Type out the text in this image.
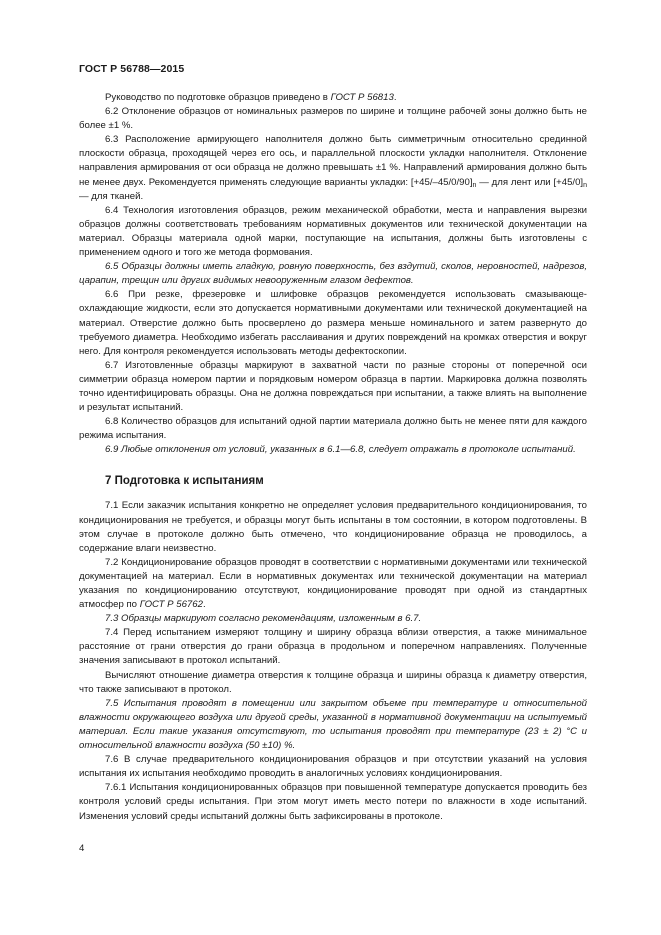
ГОСТ Р 56788—2015

Руководство по подготовке образцов приведено в ГОСТ Р 56813.

6.2 Отклонение образцов от номинальных размеров по ширине и толщине рабочей зоны должно быть не более ±1 %.

6.3 Расположение армирующего наполнителя должно быть симметричным относительно срединной плоскости образца, проходящей через его ось, и параллельной плоскости укладки наполнителя. Отклонение направления армирования от оси образца не должно превышать ±1 %. Направлений армирования должно быть не менее двух. Рекомендуется применять следующие варианты укладки: $[+45/-45/0/90]_n$ — для лент или $[+45/0]_n$ — для тканей.

6.4 Технология изготовления образцов, режим механической обработки, места и направления вырезки образцов должны соответствовать требованиям нормативных документов или технической документации на материал. Образцы материала одной марки, поступающие на испытания, должны быть изготовлены с применением одного и того же метода формования.

6.5 Образцы должны иметь гладкую, ровную поверхность, без вздутий, сколов, неровностей, надрезов, царапин, трещин или других видимых невооруженным глазом дефектов.

6.6 При резке, фрезеровке и шлифовке образцов рекомендуется использовать смазывающе-охлаждающие жидкости, если это допускается нормативными документами или технической документацией на материал. Отверстие должно быть просверлено до размера меньше номинального и затем развернуто до требуемого диаметра. Необходимо избегать расслаивания и других повреждений на кромках отверстия и вокруг него. Для контроля рекомендуется использовать методы дефектоскопии.

6.7 Изготовленные образцы маркируют в захватной части по разные стороны от поперечной оси симметрии образца номером партии и порядковым номером образца в партии. Маркировка должна позволять точно идентифицировать образцы. Она не должна повреждаться при испытании, а также влиять на выполнение и результат испытаний.

6.8 Количество образцов для испытаний одной партии материала должно быть не менее пяти для каждого режима испытания.

6.9 Любые отклонения от условий, указанных в 6.1—6.8, следует отражать в протоколе испытаний.

7 Подготовка к испытаниям

7.1 Если заказчик испытания конкретно не определяет условия предварительного кондиционирования, то кондиционирования не требуется, и образцы могут быть испытаны в том состоянии, в котором подготовлены. В этом случае в протоколе должно быть отмечено, что кондиционирование образца не проводилось, а содержание влаги неизвестно.

7.2 Кондиционирование образцов проводят в соответствии с нормативными документами или технической документацией на материал. Если в нормативных документах или технической документации на материал указания по кондиционированию отсутствуют, кондиционирование проводят при одной из стандартных атмосфер по ГОСТ Р 56762.

7.3 Образцы маркируют согласно рекомендациям, изложенным в 6.7.

7.4 Перед испытанием измеряют толщину и ширину образца вблизи отверстия, а также минимальное расстояние от грани отверстия до грани образца в продольном и поперечном направлениях. Полученные значения записывают в протокол испытаний.

Вычисляют отношение диаметра отверстия к толщине образца и ширины образца к диаметру отверстия, что также записывают в протокол.

7.5 Испытания проводят в помещении или закрытом объеме при температуре и относительной влажности окружающего воздуха или другой среды, указанной в нормативной документации на испытуемый материал. Если такие указания отсутствуют, то испытания проводят при температуре (23 ± 2) °С и относительной влажности воздуха (50 ±10) %.

7.6 В случае предварительного кондиционирования образцов и при отсутствии указаний на условия испытания их испытания необходимо проводить в аналогичных условиях кондиционирования.

7.6.1 Испытания кондиционированных образцов при повышенной температуре допускается проводить без контроля условий среды испытания. При этом могут иметь место потери по влажности в ходе испытаний. Изменения условий среды испытаний должны быть зафиксированы в протоколе.

4
